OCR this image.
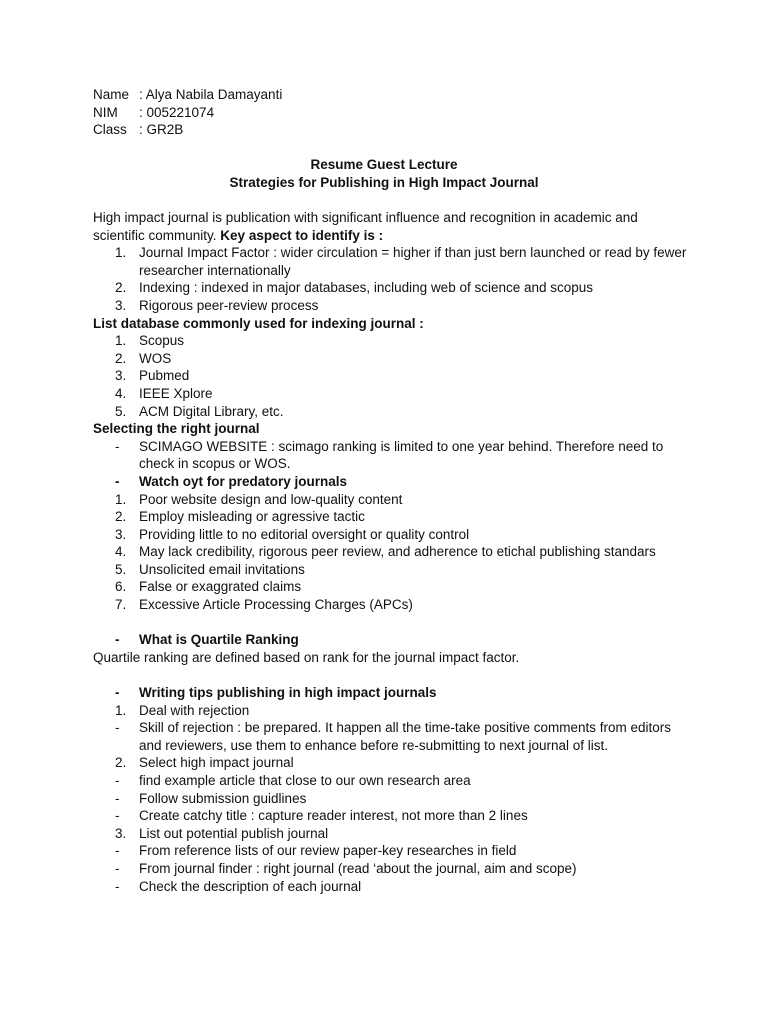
Name : Alya Nabila Damayanti
NIM : 005221074
Class : GR2B
Resume Guest Lecture
Strategies for Publishing in High Impact Journal

High impact journal is publication with significant influence and recognition in academic and scientific community. Key aspect to identify is :

1. Journal Impact Factor : wider circulation = higher if than just bern launched or read by fewer researcher internationally
2. Indexing : indexed in major databases, including web of science and scopus
3. Rigorous peer-review process
List database commonly used for indexing journal :
1. Scopus
2. WOS
3. Pubmed
4. IEEE Xplore
5. ACM Digital Library, etc.
Selecting the right journal
-	SCIMAGO WEBSITE : scimago ranking is limited to one year behind. Therefore need to check in scopus or WOS.
-	Watch oyt for predatory journals
1. Poor website design and low-quality content
2. Employ misleading or agressive tactic
3. Providing little to no editorial oversight or quality control
4. May lack credibility, rigorous peer review, and adherence to etichal publishing standars
5. Unsolicited email invitations
6. False or exaggrated claims
7. Excessive Article Processing Charges (APCs)
-	What is Quartile Ranking

Quartile ranking are defined based on rank for the journal impact factor.

-	Writing tips publishing in high impact journals
1. Deal with rejection
-	Skill of rejection : be prepared. It happen all the time-take positive comments from editors and reviewers, use them to enhance before re-submitting to next journal of list.
2. Select high impact journal
-	find example article that close to our own research area
-	Follow submission guidlines
-	Create catchy title : capture reader interest, not more than 2 lines
3. List out potential publish journal
-	From reference lists of our review paper-key researches in field
-	From journal finder : right journal (read ‘about the journal, aim and scope)
-	Check the description of each journal
